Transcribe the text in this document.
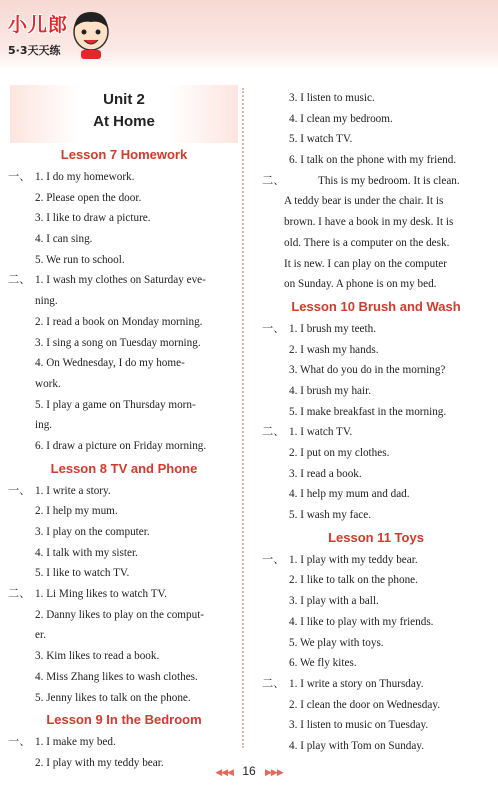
小儿郎
5·3天天练
Unit 2
At Home
Lesson 7 Homework
一、 1. I do my homework.
2. Please open the door.
3. I like to draw a picture.
4. I can sing.
5. We run to school.
二、 1. I wash my clothes on Saturday eve-
ning.
2. I read a book on Monday morning.
3. I sing a song on Tuesday morning.
4. On Wednesday, I do my home-
work.
5. I play a game on Thursday morn-
ing.
6. I draw a picture on Friday morning.
Lesson 8 TV and Phone
一、 1. I write a story.
2. I help my mum.
3. I play on the computer.
4. I talk with my sister.
5. I like to watch TV.
二、 1. Li Ming likes to watch TV.
2. Danny likes to play on the comput-
er.
3. Kim likes to read a book.
4. Miss Zhang likes to wash clothes.
5. Jenny likes to talk on the phone.
Lesson 9 In the Bedroom
一、 1. I make my bed.
2. I play with my teddy bear.
3. I listen to music.
4. I clean my bedroom.
5. I watch TV.
6. I talk on the phone with my friend.
二、	This is my bedroom. It is clean.
A teddy bear is under the chair. It is
brown. I have a book in my desk. It is
old. There is a computer on the desk.
It is new. I can play on the computer
on Sunday. A phone is on my bed.
Lesson 10 Brush and Wash
一、 1. I brush my teeth.
2. I wash my hands.
3. What do you do in the morning?
4. I brush my hair.
5. I make breakfast in the morning.
二、 1. I watch TV.
2. I put on my clothes.
3. I read a book.
4. I help my mum and dad.
5. I wash my face.
Lesson 11 Toys
一、 1. I play with my teddy bear.
2. I like to talk on the phone.
3. I play with a ball.
4. I like to play with my friends.
5. We play with toys.
6. We fly kites.
二、 1. I write a story on Thursday.
2. I clean the door on Wednesday.
3. I listen to music on Tuesday.
4. I play with Tom on Sunday.
◀◀◀ 16 ▶▶▶
